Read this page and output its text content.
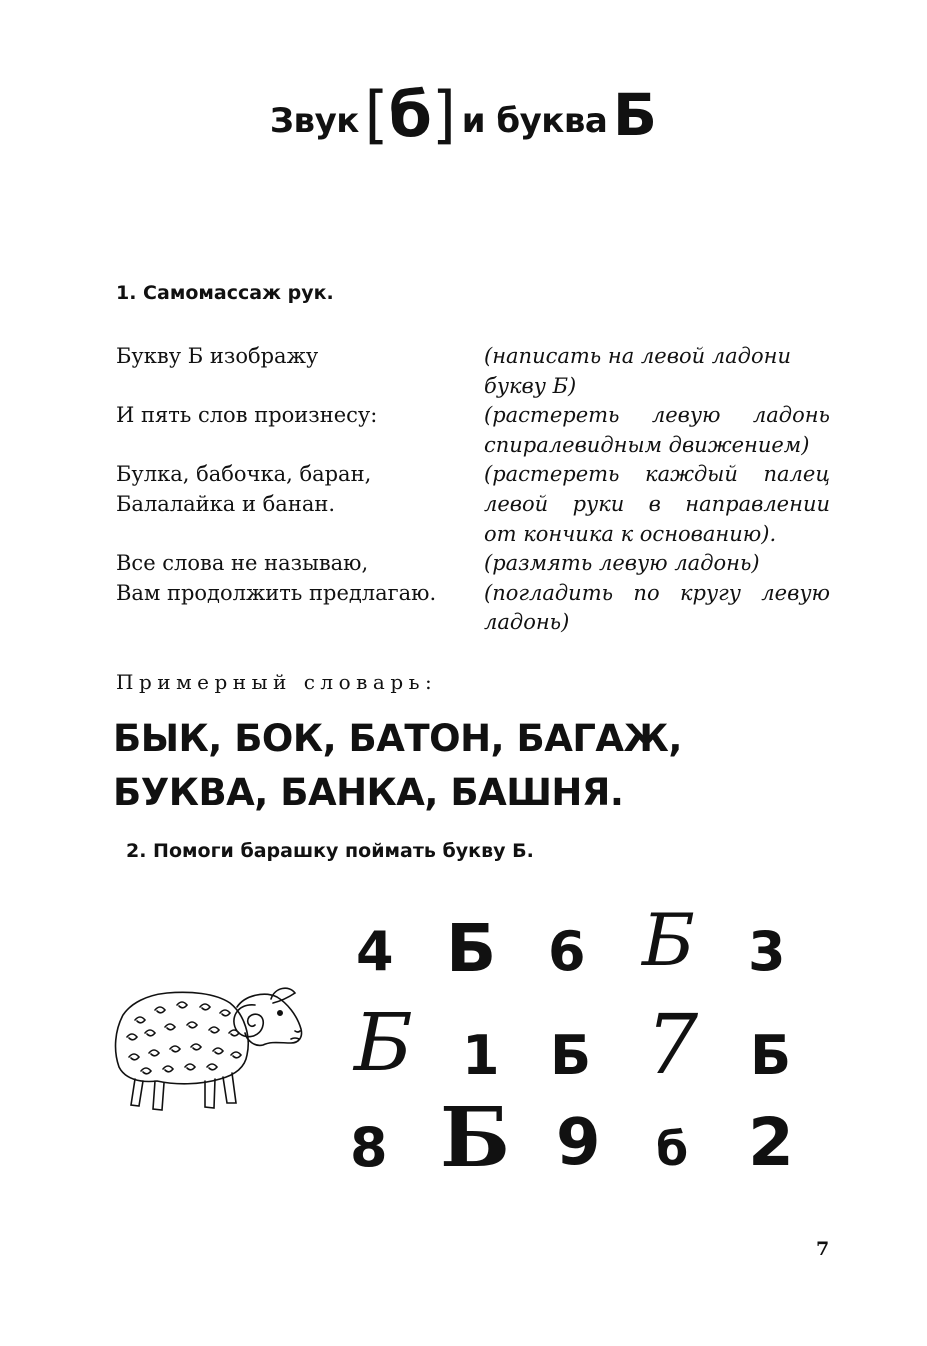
Звук [б] и буква Б
1. Самомассаж рук.
Букву Б изображу
И пять слов произнесу:
Булка, бабочка, баран,
Балалайка и банан.
Все слова не называю,
Вам продолжить предлагаю.
(написать на левой ладони
букву Б)
(растереть левую ладонь
спиралевидным движением)
(растереть каждый палец
левой руки в направлении
от кончика к основанию).
(размять левую ладонь)
(погладить по кругу левую
ладонь)
Примерный словарь:
БЫК, БОК, БАТОН, БАГАЖ,
БУКВА, БАНКА, БАШНЯ.
2. Помоги барашку поймать букву Б.
4 Б 6 Б 3
Б 1 Б 7 Б
8 Б 9 б 2
7
